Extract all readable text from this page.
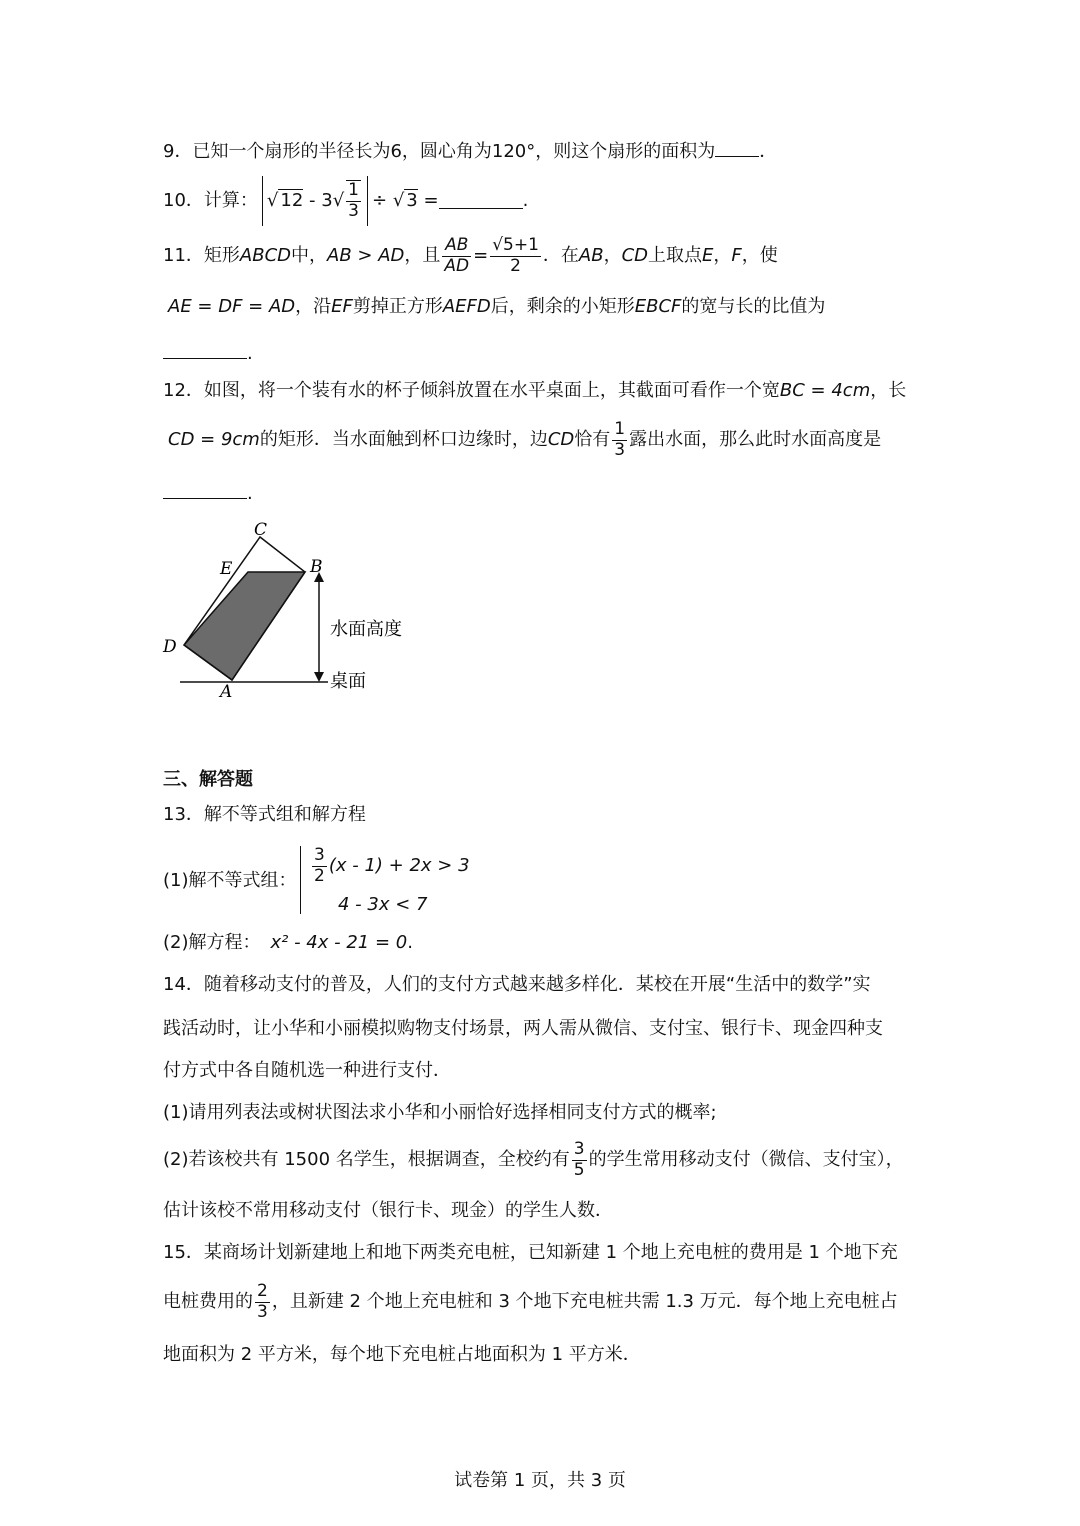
9．已知一个扇形的半径长为6，圆心角为120°，则这个扇形的面积为 ．
10．计算： √ $12 - 3√ \frac{1}{3}$ ÷ √ 3 =	.
11．矩形ABCD中，AB > AD，且 $\frac{AB}{AD} = \frac{√5+1}{2}$ ．在AB，CD上取点E，F，使
AE = DF = AD，沿EF剪掉正方形AEFD后，剩余的小矩形EBCF的宽与长的比值为
.
12．如图，将一个装有水的杯子倾斜放置在水平桌面上，其截面可看作一个宽BC = 4cm，长
CD = 9cm的矩形．当水面触到杯口边缘时，边CD恰有 $\frac{1}{3}$ 露出水面，那么此时水面高度是
.
C
E	B
D
A
水面高度
桌面
三、解答题
13．解不等式组和解方程
(1)解不等式组： $\frac{3}{2} (x - 1) + 2x > 3$
4 - 3x < 7
(2)解方程： x² - 4x - 21 = 0.
14．随着移动支付的普及，人们的支付方式越来越多样化．某校在开展“生活中的数学”实
践活动时，让小华和小丽模拟购物支付场景，两人需从微信、支付宝、银行卡、现金四种支
付方式中各自随机选一种进行支付．
(1)请用列表法或树状图法求小华和小丽恰好选择相同支付方式的概率;
(2)若该校共有 1500 名学生，根据调查，全校约有 $\frac{3}{5}$ 的学生常用移动支付（微信、支付宝），
估计该校不常用移动支付（银行卡、现金）的学生人数．
15．某商场计划新建地上和地下两类充电桩，已知新建 1 个地上充电桩的费用是 1 个地下充
电桩费用的 $\frac{2}{3}$ ，且新建 2 个地上充电桩和 3 个地下充电桩共需 1.3 万元．每个地上充电桩占
地面积为 2 平方米，每个地下充电桩占地面积为 1 平方米．
试卷第 1 页，共 3 页
